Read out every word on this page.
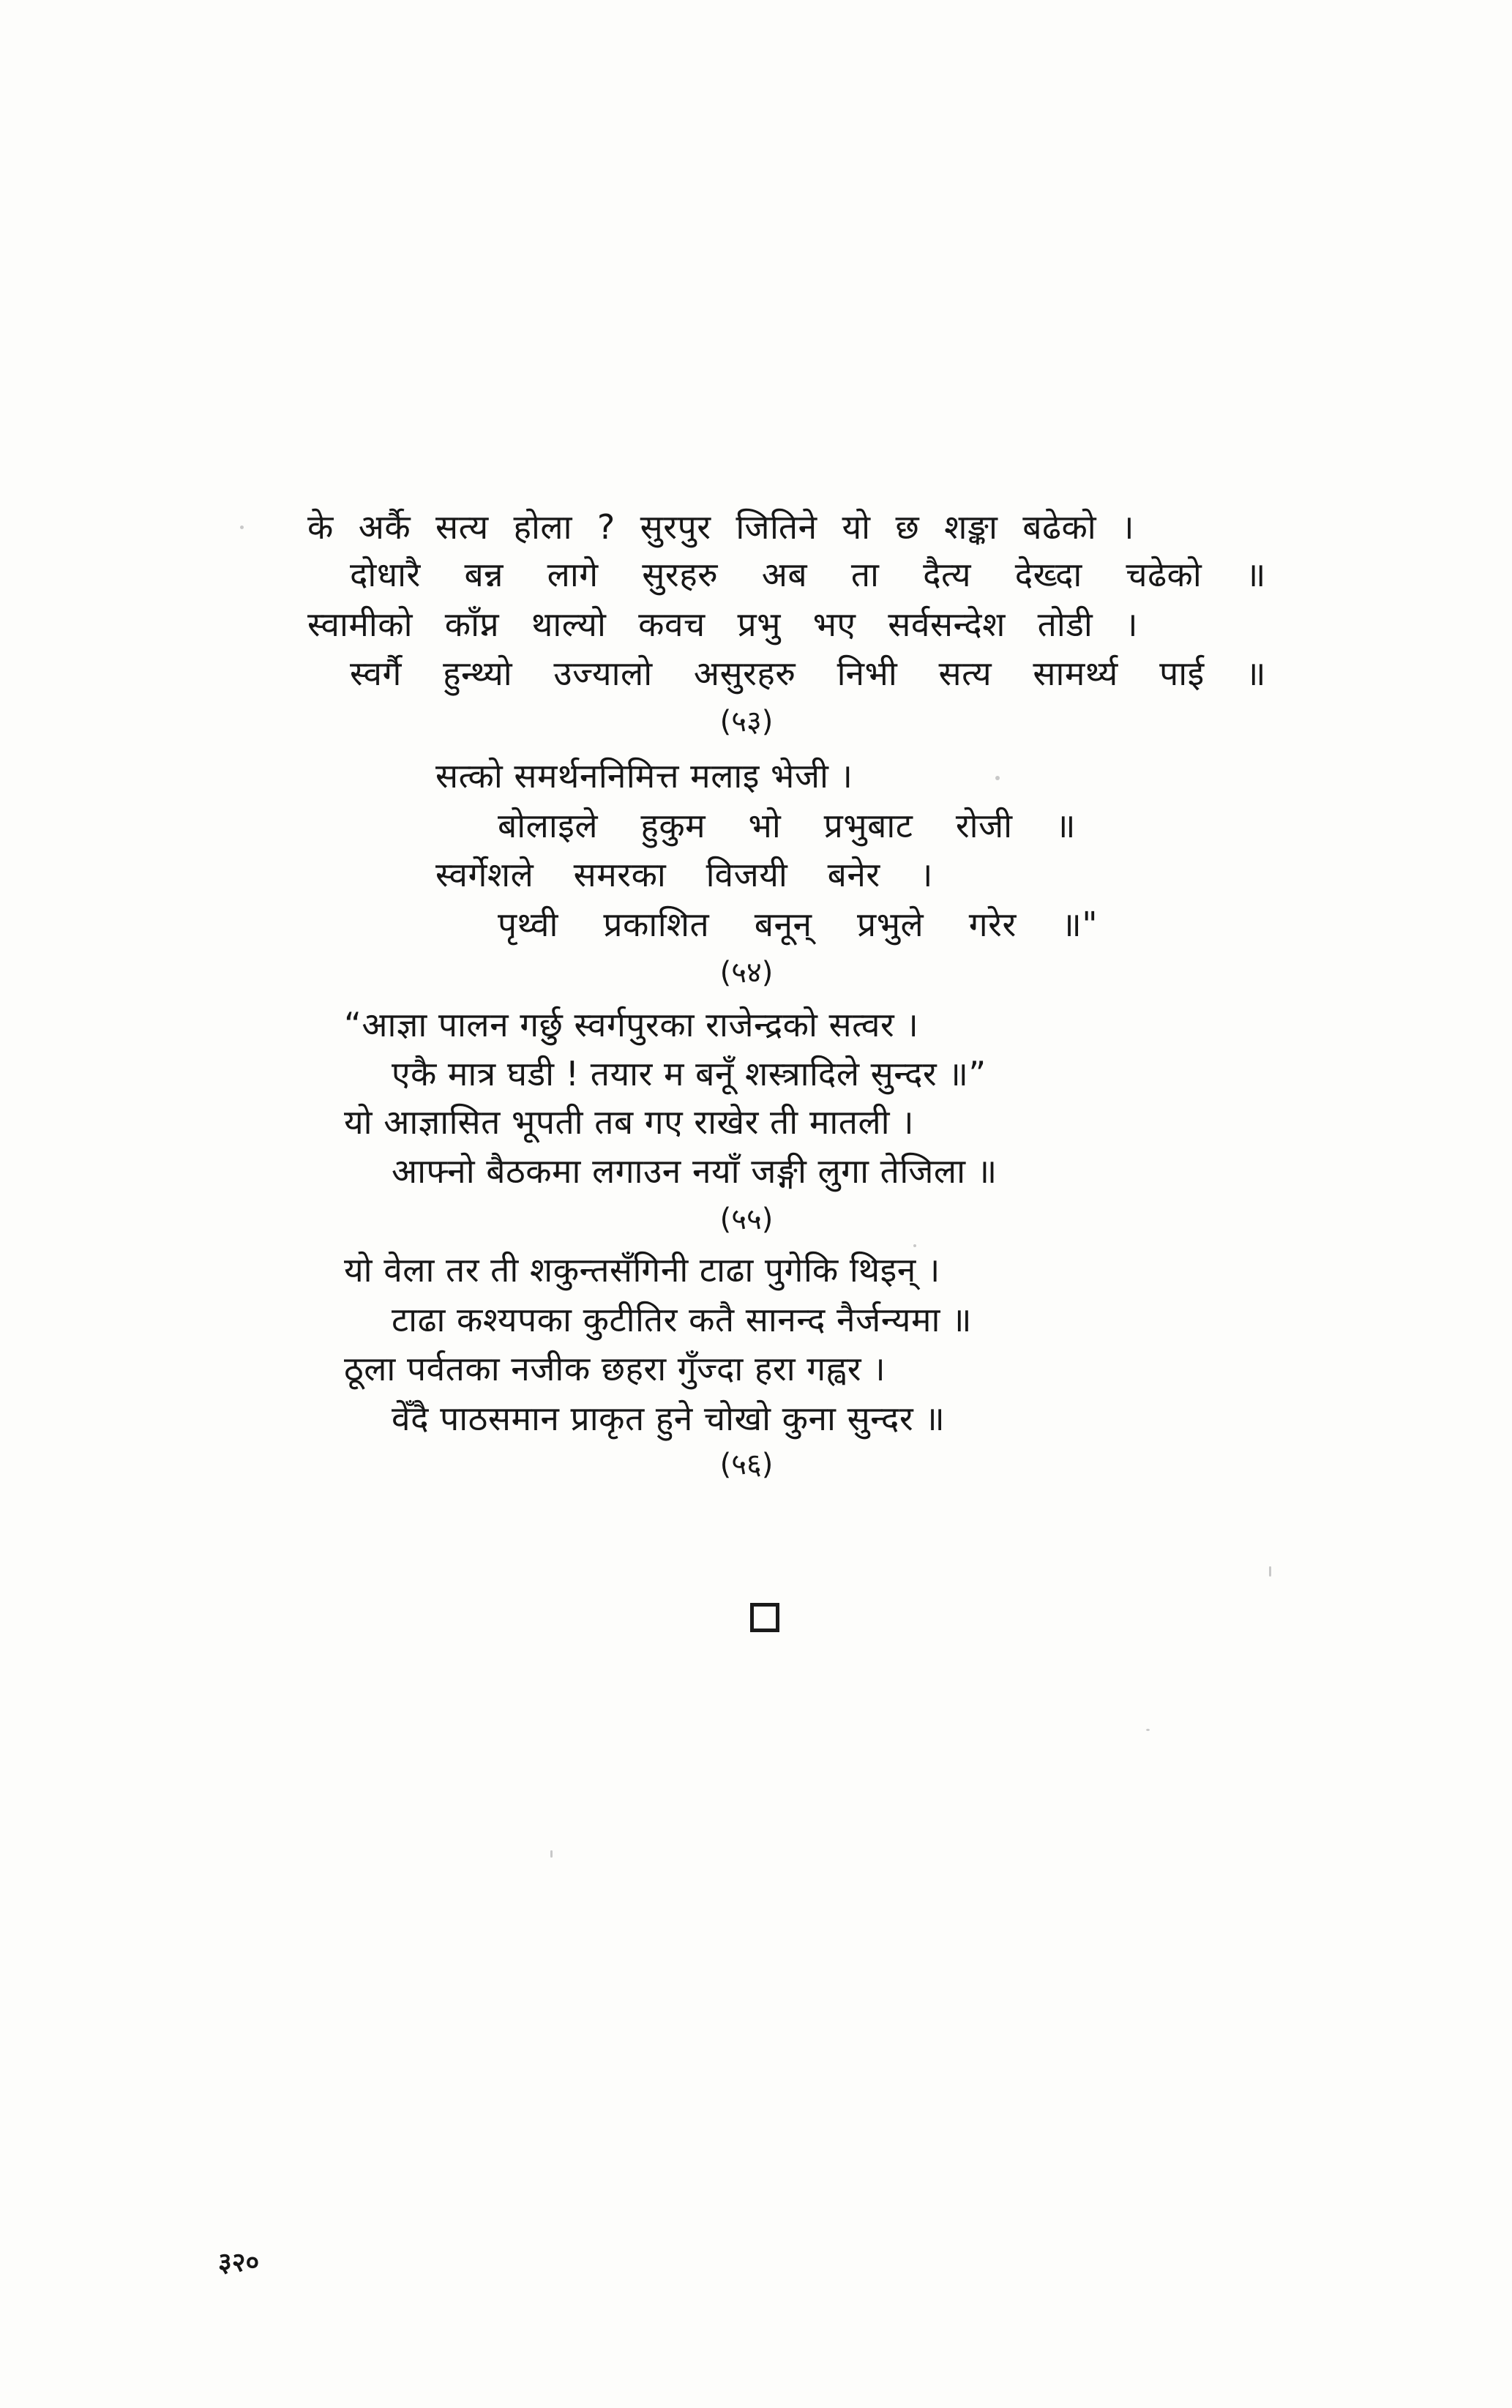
के अर्कै सत्य होला ? सुरपुर जितिने यो छ शङ्का बढेको ।
दोधारै बन्न लागे सुरहरु अब ता दैत्य देख्दा चढेको ॥
स्वामीको काँप्न थाल्यो कवच प्रभु भए सर्वसन्देश तोडी ।
स्वर्गै हुन्थ्यो उज्यालो असुरहरु निभी सत्य सामर्थ्य पाई ॥
(५३)
सत्को समर्थननिमित्त मलाइ भेजी ।
बोलाइले हुकुम भो प्रभुबाट रोजी ॥
स्वर्गेशले समरका विजयी बनेर ।
पृथ्वी प्रकाशित बनून् प्रभुले गरेर ॥"
(५४)
“आज्ञा पालन गर्छु स्वर्गपुरका राजेन्द्रको सत्वर ।
एकै मात्र घडी ! तयार म बनूँ शस्त्रादिले सुन्दर ॥”
यो आज्ञासित भूपती तब गए राखेर ती मातली ।
आफ्नो बैठकमा लगाउन नयाँ जङ्गी लुगा तेजिला ॥
(५५)
यो वेला तर ती शकुन्तसँगिनी टाढा पुगेकि थिइन् ।
टाढा कश्यपका कुटीतिर कतै सानन्द नैर्जन्यमा ॥
ठूला पर्वतका नजीक छहरा गुँज्दा हरा गह्वर ।
वेँदै पाठसमान प्राकृत हुने चोखो कुना सुन्दर ॥
(५६)
३२०
